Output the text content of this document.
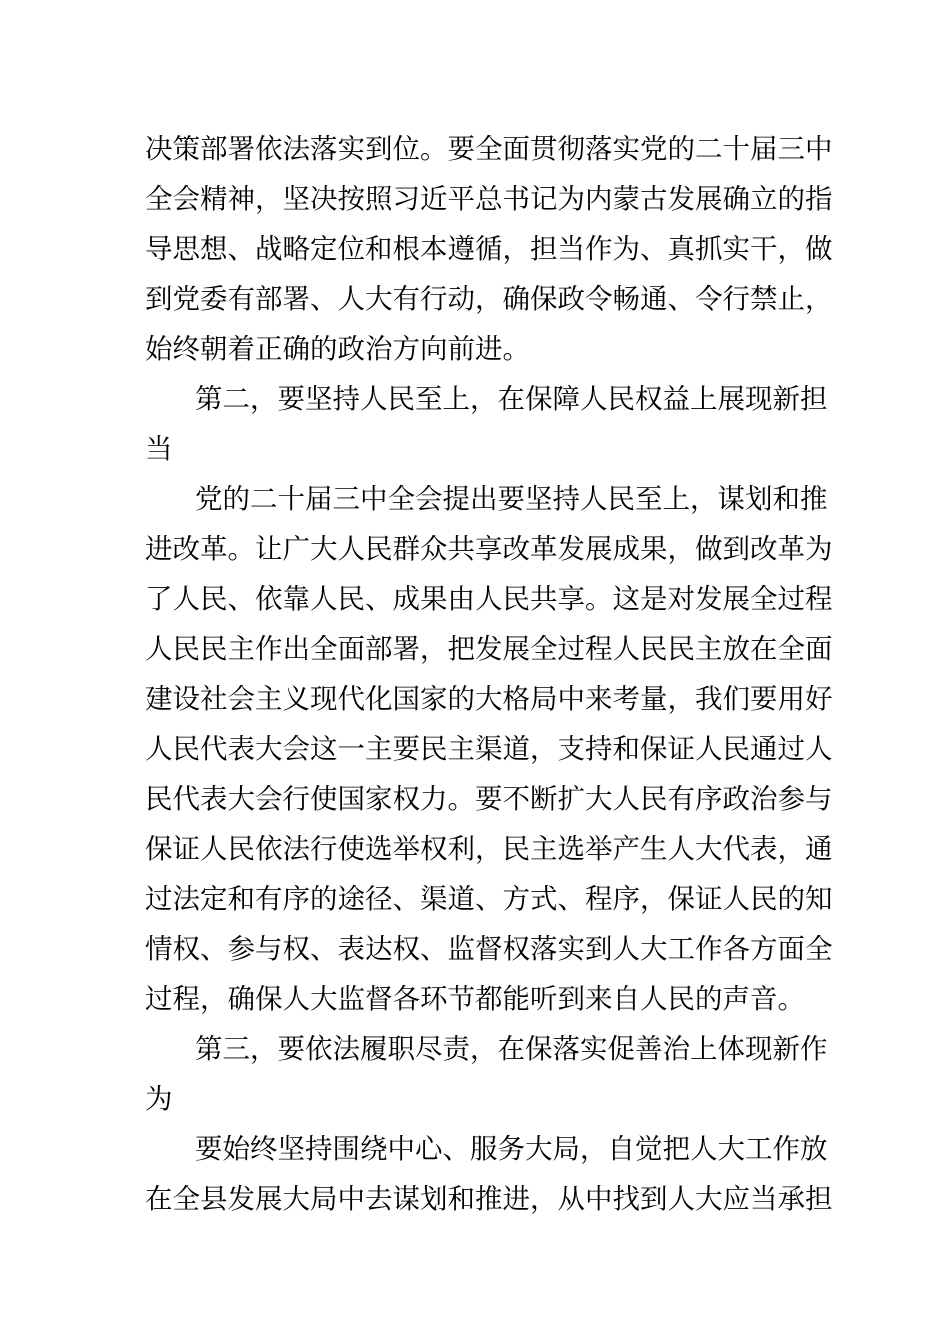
决策部署依法落实到位。要全面贯彻落实党的二十届三中
全会精神，坚决按照习近平总书记为内蒙古发展确立的指
导思想、战略定位和根本遵循，担当作为、真抓实干，做
到党委有部署、人大有行动，确保政令畅通、令行禁止，
始终朝着正确的政治方向前进。
第二，要坚持人民至上，在保障人民权益上展现新担
当
党的二十届三中全会提出要坚持人民至上，谋划和推
进改革。让广大人民群众共享改革发展成果，做到改革为
了人民、依靠人民、成果由人民共享。这是对发展全过程
人民民主作出全面部署，把发展全过程人民民主放在全面
建设社会主义现代化国家的大格局中来考量，我们要用好
人民代表大会这一主要民主渠道，支持和保证人民通过人
民代表大会行使国家权力。要不断扩大人民有序政治参与
保证人民依法行使选举权利，民主选举产生人大代表，通
过法定和有序的途径、渠道、方式、程序，保证人民的知
情权、参与权、表达权、监督权落实到人大工作各方面全
过程，确保人大监督各环节都能听到来自人民的声音。
第三，要依法履职尽责，在保落实促善治上体现新作
为
要始终坚持围绕中心、服务大局，自觉把人大工作放
在全县发展大局中去谋划和推进，从中找到人大应当承担
